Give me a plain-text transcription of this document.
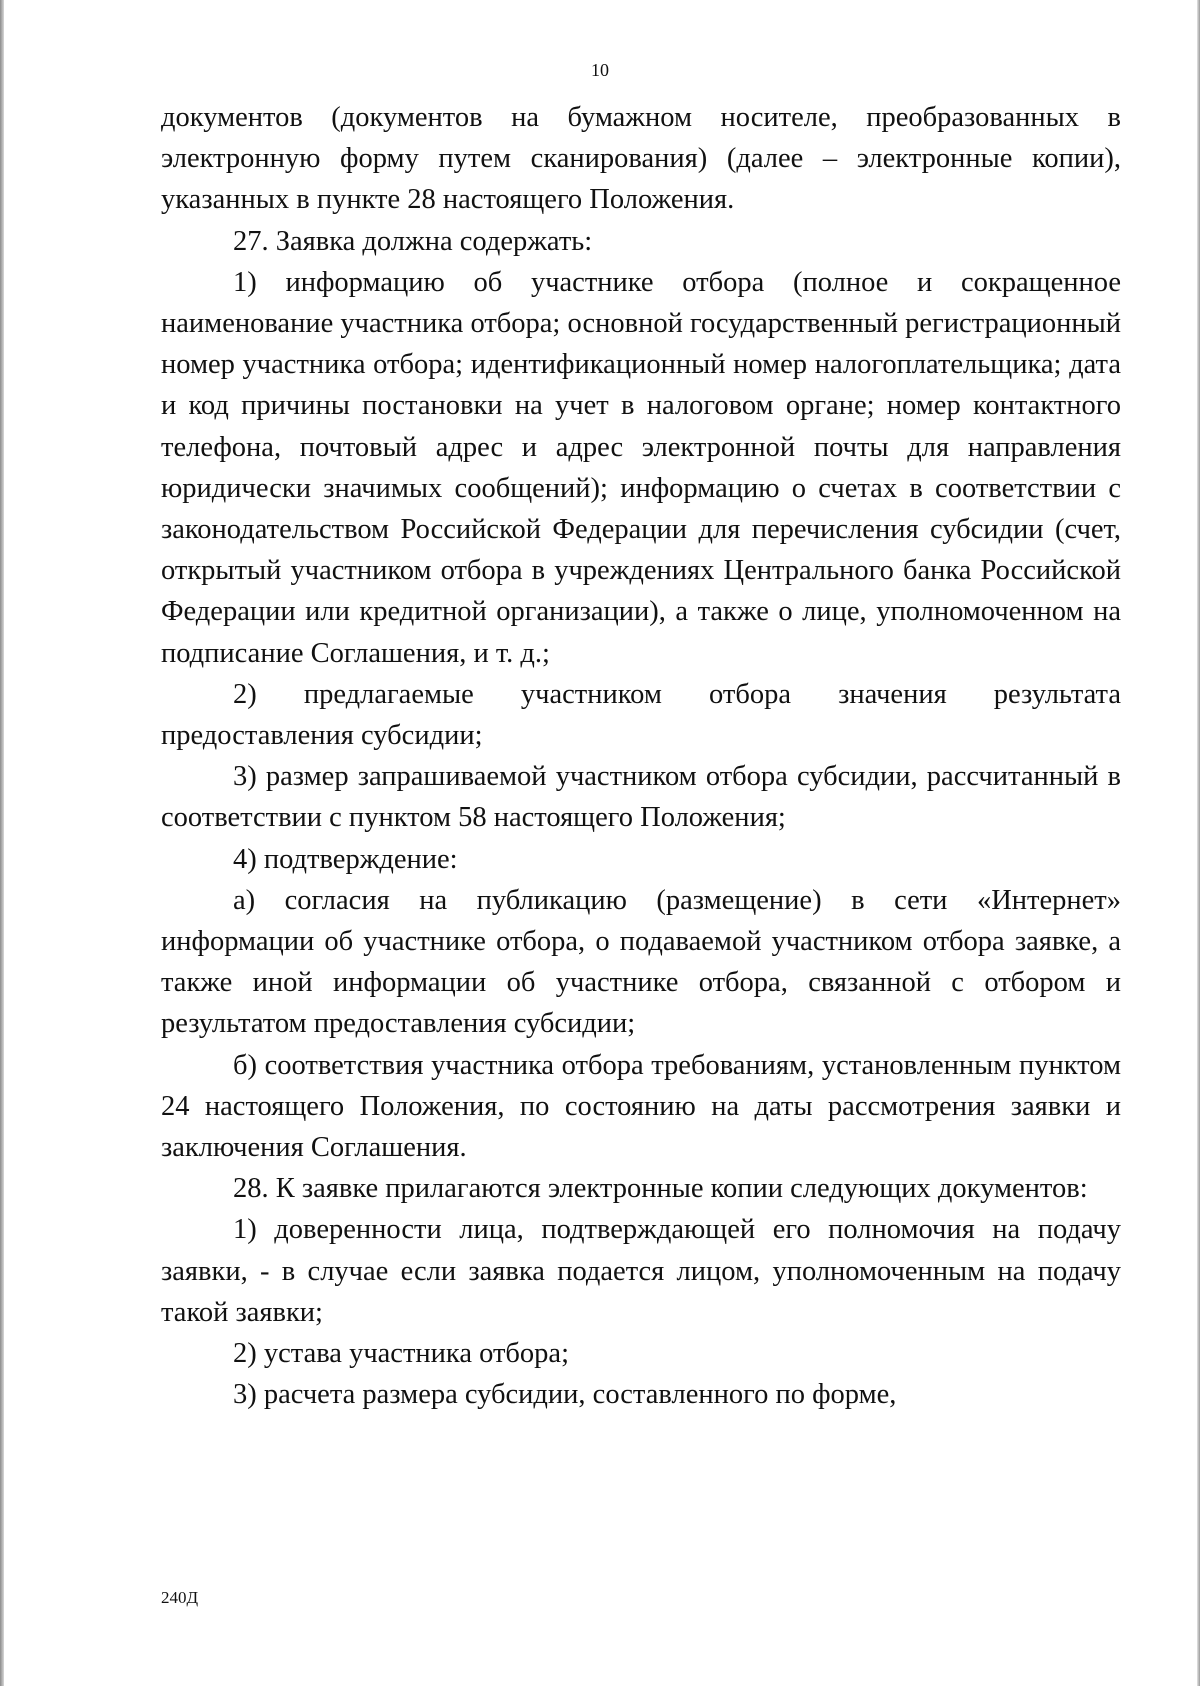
10

документов (документов на бумажном носителе, преобразованных в электронную форму путем сканирования) (далее – электронные копии), указанных в пункте 28 настоящего Положения.

27. Заявка должна содержать:

1) информацию об участнике отбора (полное и сокращенное наименование участника отбора; основной государственный регистрационный номер участника отбора; идентификационный номер налогоплательщика; дата и код причины постановки на учет в налоговом органе; номер контактного телефона, почтовый адрес и адрес электронной почты для направления юридически значимых сообщений); информацию о счетах в соответствии с законодательством Российской Федерации для перечисления субсидии (счет, открытый участником отбора в учреждениях Центрального банка Российской Федерации или кредитной организации), а также о лице, уполномоченном на подписание Соглашения, и т. д.;

2) предлагаемые участником отбора значения результата предоставления субсидии;

3) размер запрашиваемой участником отбора субсидии, рассчитанный в соответствии с пунктом 58 настоящего Положения;

4) подтверждение:

а) согласия на публикацию (размещение) в сети «Интернет» информации об участнике отбора, о подаваемой участником отбора заявке, а также иной информации об участнике отбора, связанной с отбором и результатом предоставления субсидии;

б) соответствия участника отбора требованиям, установленным пунктом 24 настоящего Положения, по состоянию на даты рассмотрения заявки и заключения Соглашения.

28. К заявке прилагаются электронные копии следующих документов:

1) доверенности лица, подтверждающей его полномочия на подачу заявки, - в случае если заявка подается лицом, уполномоченным на подачу такой заявки;

2) устава участника отбора;

3) расчета размера субсидии, составленного по форме,

240Д
